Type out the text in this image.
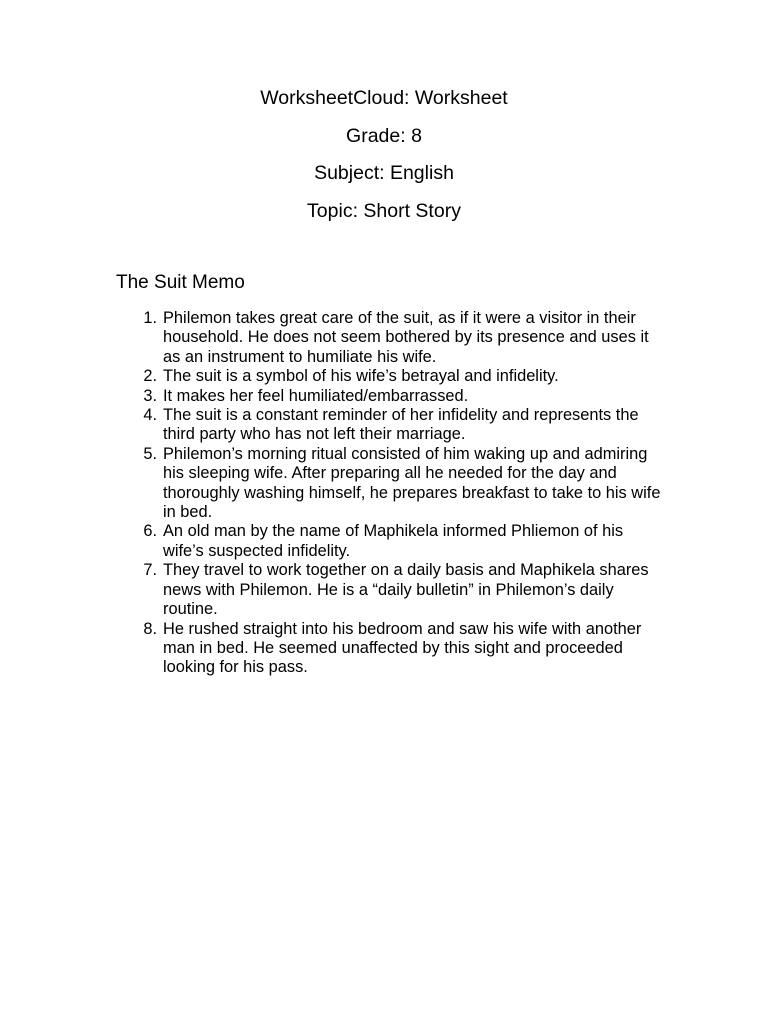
WorksheetCloud: Worksheet

Grade: 8

Subject: English

Topic: Short Story

The Suit Memo
1. Philemon takes great care of the suit, as if it were a visitor in their household. He does not seem bothered by its presence and uses it as an instrument to humiliate his wife.
2. The suit is a symbol of his wife’s betrayal and infidelity.
3. It makes her feel humiliated/embarrassed.
4. The suit is a constant reminder of her infidelity and represents the third party who has not left their marriage.
5. Philemon’s morning ritual consisted of him waking up and admiring his sleeping wife. After preparing all he needed for the day and thoroughly washing himself, he prepares breakfast to take to his wife in bed.
6. An old man by the name of Maphikela informed Phliemon of his wife’s suspected infidelity.
7. They travel to work together on a daily basis and Maphikela shares news with Philemon. He is a “daily bulletin” in Philemon’s daily routine.
8. He rushed straight into his bedroom and saw his wife with another man in bed. He seemed unaffected by this sight and proceeded looking for his pass.
